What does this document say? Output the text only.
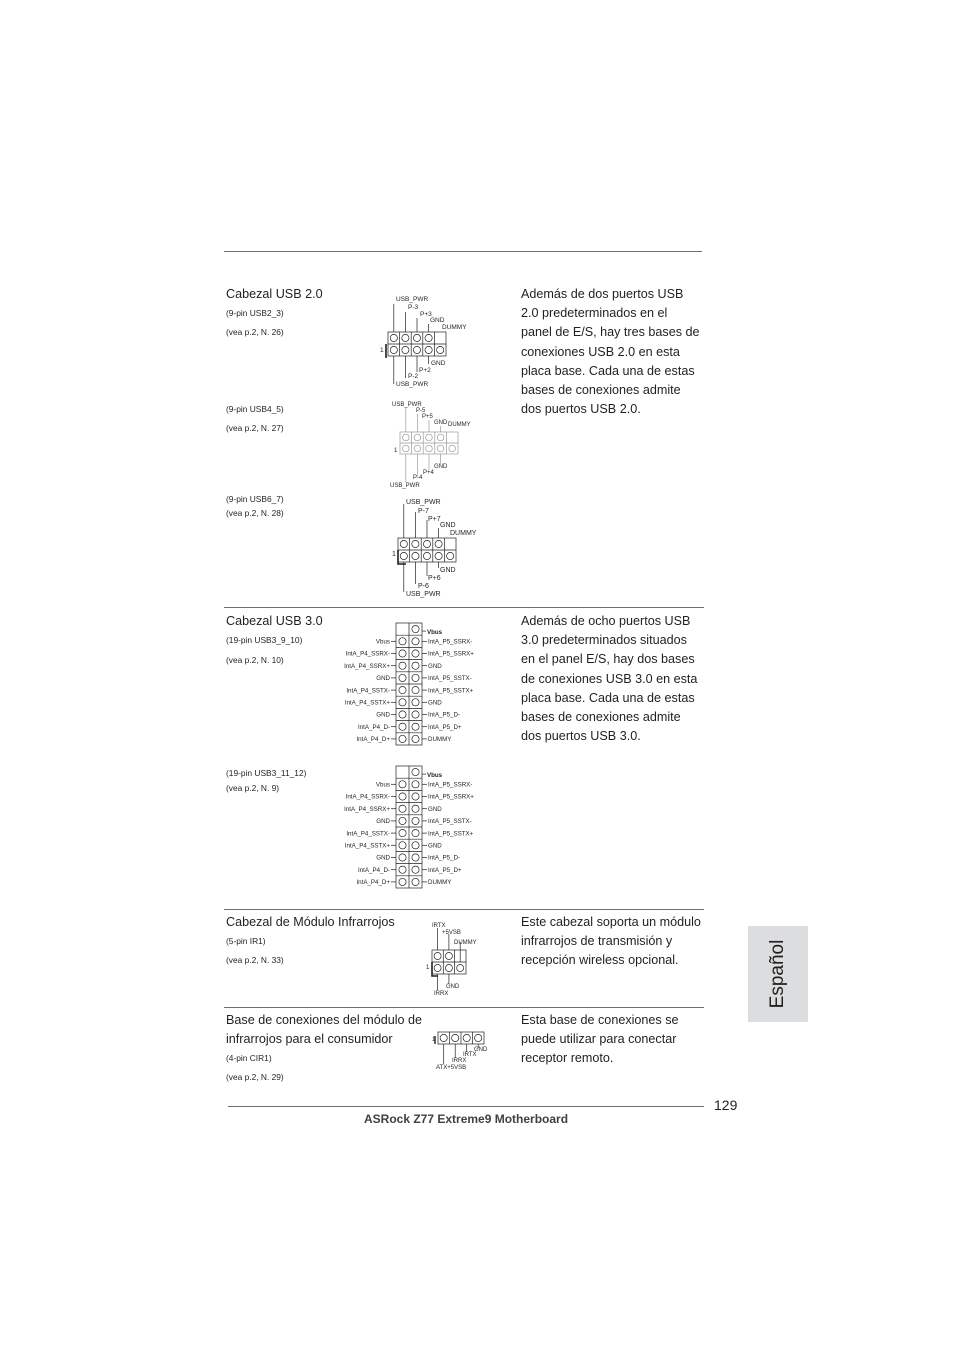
Cabezal USB 2.0
(9-pin USB2_3)
(vea p.2, N. 26)
(9-pin USB4_5)
(vea p.2, N. 27)
(9-pin USB6_7)
(vea p.2, N. 28)
Además de dos puertos USB
2.0 predeterminados en el
panel de E/S, hay tres bases de
conexiones USB 2.0 en esta
placa base. Cada una de estas
bases de conexiones admite
dos puertos USB 2.0.
USB_PWR
P-3
P+3
GND
DUMMY
GND
P+2
P-2
USB_PWR
1
USB_PWR
P-5
P+5
GND DUMMY
GND
P+4
P-4
USB_PWR
1
USB_PWR
P-7
P+7
GND
DUMMY
GND
P+6
P-6
USB_PWR
1
Cabezal USB 3.0
(19-pin USB3_9_10)
(vea p.2, N. 10)
(19-pin USB3_11_12)
(vea p.2, N. 9)
Además de ocho puertos USB
3.0 predeterminados situados
en el panel E/S, hay dos bases
de conexiones USB 3.0 en esta
placa base. Cada una de estas
bases de conexiones admite
dos puertos USB 3.0.
Vbus
Vbus	IntA_P5_SSRX-
IntA_P4_SSRX-	IntA_P5_SSRX+
IntA_P4_SSRX+	GND
GND	IntA_P5_SSTX-
IntA_P4_SSTX-	IntA_P5_SSTX+
IntA_P4_SSTX+	GND
GND	IntA_P5_D-
IntA_P4_D-	IntA_P5_D+
IntA_P4_D+	DUMMY
Vbus
Vbus	IntA_P5_SSRX-
IntA_P4_SSRX-	IntA_P5_SSRX+
IntA_P4_SSRX+	GND
GND	IntA_P5_SSTX-
IntA_P4_SSTX-	IntA_P5_SSTX+
IntA_P4_SSTX+	GND
GND	IntA_P5_D-
IntA_P4_D-	IntA_P5_D+
IntA_P4_D+	DUMMY
Cabezal de Módulo Infrarrojos
(5-pin IR1)
(vea p.2, N. 33)
Este cabezal soporta un módulo
infrarrojos de transmisión y
recepción wireless opcional.
IRTX
+5VSB
DUMMY
GND
IRRX
1
Base de conexiones del módulo de
infrarrojos para el consumidor
(4-pin CIR1)
(vea p.2, N. 29)
Esta base de conexiones se
puede utilizar para conectar
receptor remoto.
GND
IRTX
IRRX
ATX+5VSB
1
Español
129
ASRock Z77 Extreme9 Motherboard
